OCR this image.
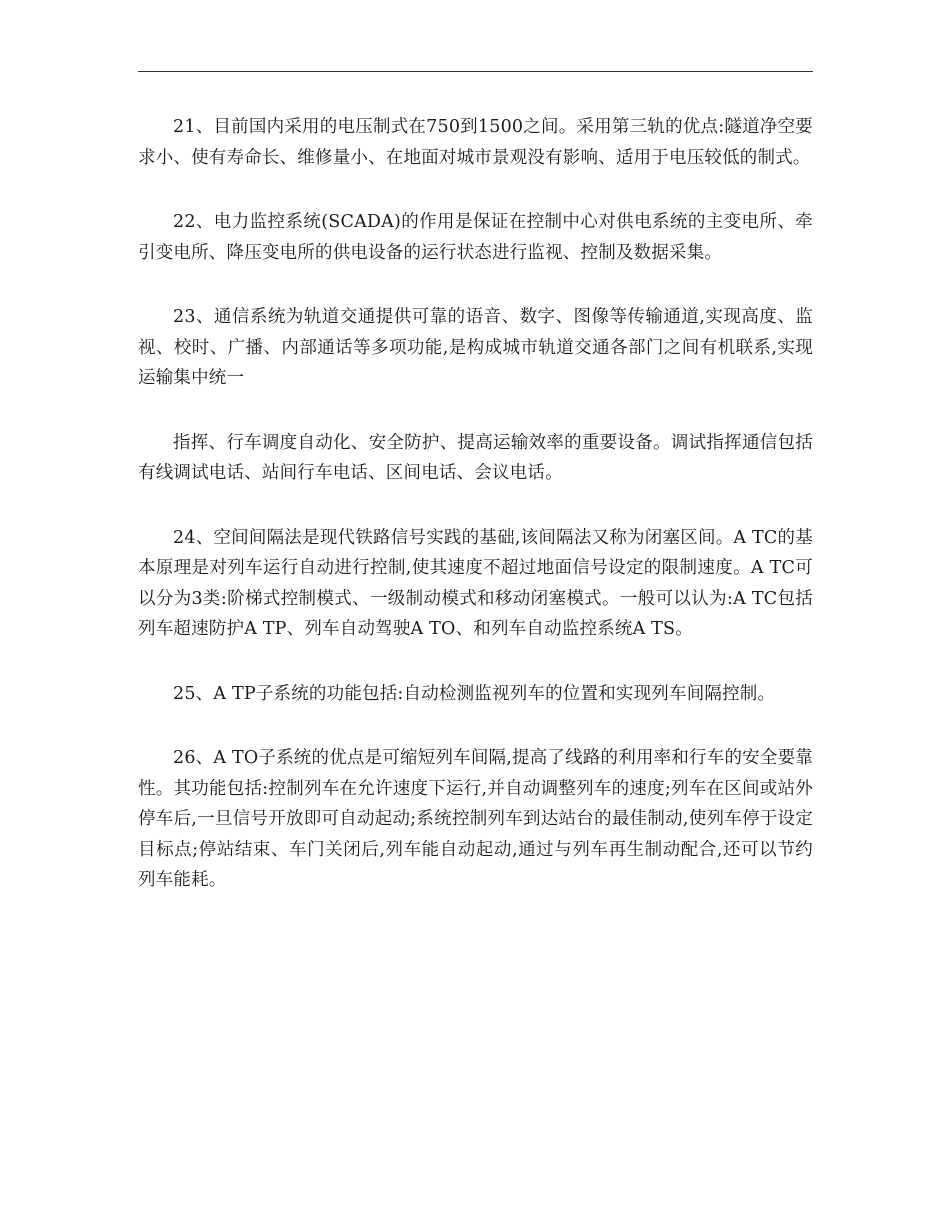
21、目前国内采用的电压制式在750到1500之间。采用第三轨的优点:隧道净空要求小、使有寿命长、维修量小、在地面对城市景观没有影响、适用于电压较低的制式。

22、电力监控系统(SCADA)的作用是保证在控制中心对供电系统的主变电所、牵引变电所、降压变电所的供电设备的运行状态进行监视、控制及数据采集。

23、通信系统为轨道交通提供可靠的语音、数字、图像等传输通道,实现高度、监视、校时、广播、内部通话等多项功能,是构成城市轨道交通各部门之间有机联系,实现运输集中统一

指挥、行车调度自动化、安全防护、提高运输效率的重要设备。调试指挥通信包括有线调试电话、站间行车电话、区间电话、会议电话。

24、空间间隔法是现代铁路信号实践的基础,该间隔法又称为闭塞区间。A TC的基本原理是对列车运行自动进行控制,使其速度不超过地面信号设定的限制速度。A TC可以分为3类:阶梯式控制模式、一级制动模式和移动闭塞模式。一般可以认为:A TC包括列车超速防护A TP、列车自动驾驶A TO、和列车自动监控系统A TS。

25、A TP子系统的功能包括:自动检测监视列车的位置和实现列车间隔控制。

26、A TO子系统的优点是可缩短列车间隔,提高了线路的利用率和行车的安全要靠性。其功能包括:控制列车在允许速度下运行,并自动调整列车的速度;列车在区间或站外停车后,一旦信号开放即可自动起动;系统控制列车到达站台的最佳制动,使列车停于设定目标点;停站结束、车门关闭后,列车能自动起动,通过与列车再生制动配合,还可以节约列车能耗。
